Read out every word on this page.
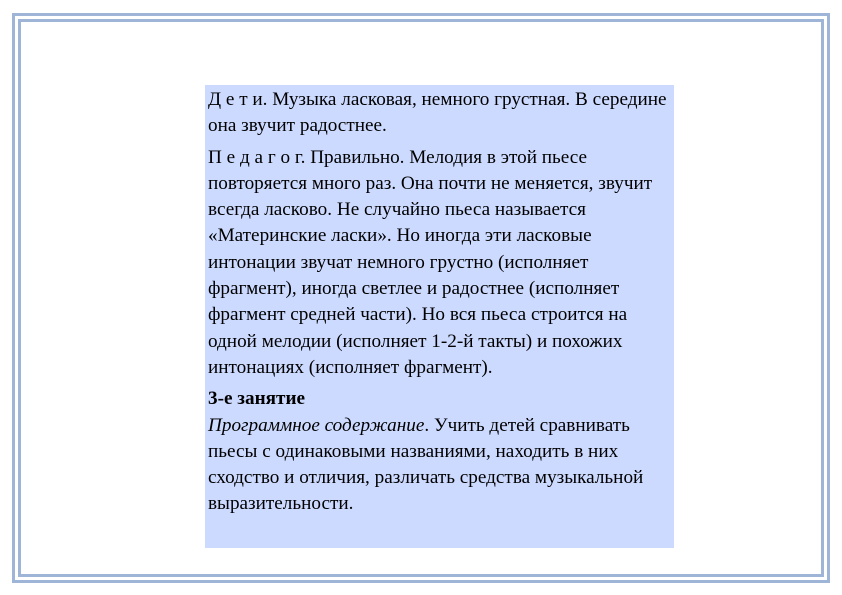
Д е т и. Музыка ласковая, немного грустная. В середине она звучит радостнее.

П е д а г о г. Правильно. Мелодия в этой пьесе повторяется много раз. Она почти не меняется, звучит всегда ласково. Не случайно пьеса называется «Материнские ласки». Но иногда эти ласковые интонации звучат немного грустно (исполняет фрагмент), иногда светлее и радостнее (исполняет фрагмент средней части). Но вся пьеса строится на одной мелодии (исполняет 1-2-й такты) и похожих интонациях (исполняет фрагмент).

3-е занятие
Программное содержание. Учить детей сравнивать пьесы с одинаковыми названиями, находить в них сходство и отличия, различать средства музыкальной выразительности.
